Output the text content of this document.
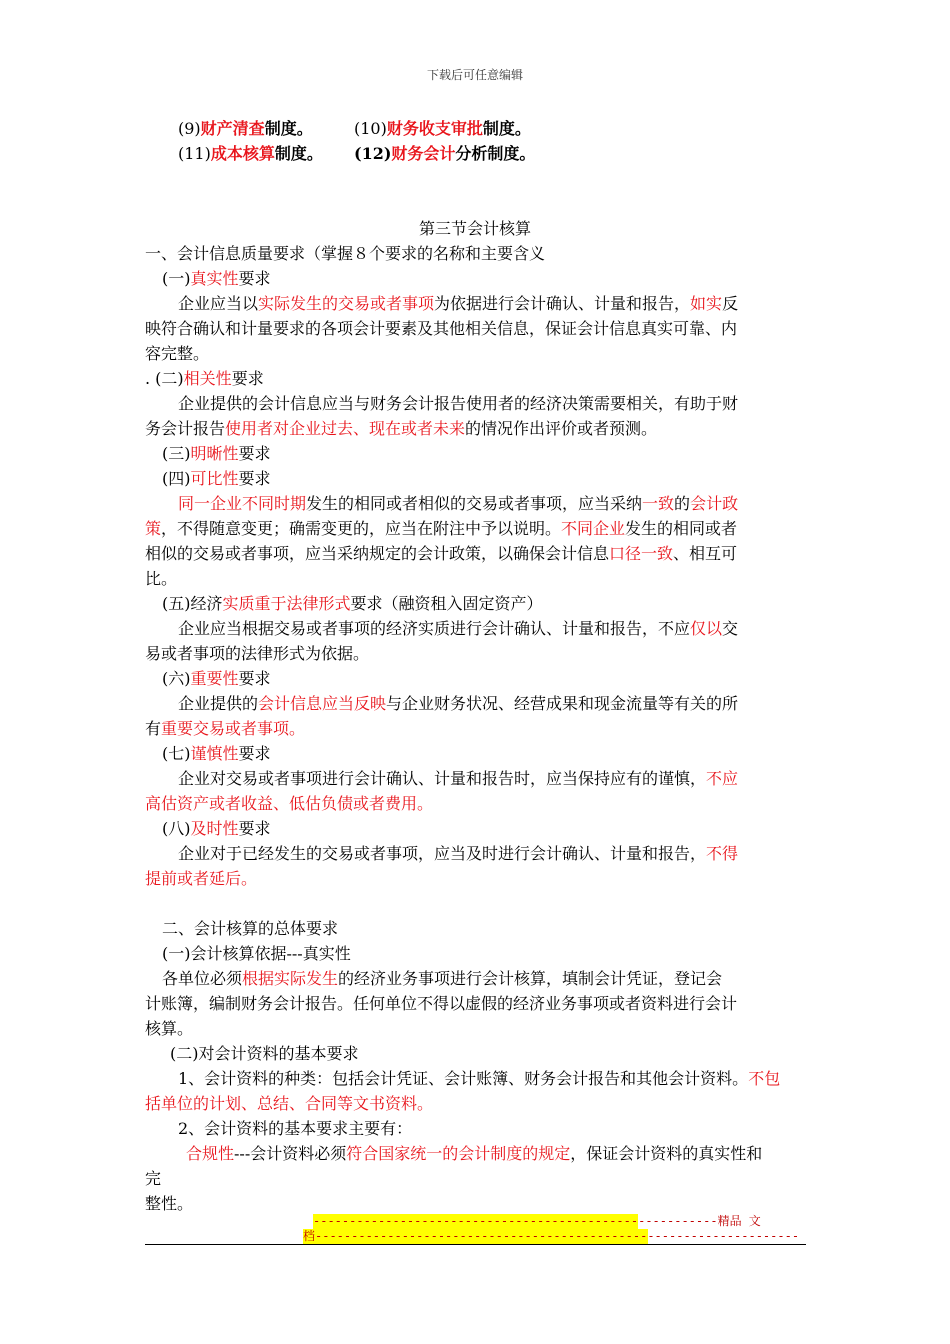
下载后可任意编辑
(9)财产清查制度。	(10)财务收支审批制度。
(11)成本核算制度。 (12)财务会计分析制度。
第三节会计核算
一、会计信息质量要求（掌握８个要求的名称和主要含义
(一)真实性要求
企业应当以实际发生的交易或者事项为依据进行会计确认、计量和报告，如实反
映符合确认和计量要求的各项会计要素及其他相关信息，保证会计信息真实可靠、内
容完整。
. (二)相关性要求
企业提供的会计信息应当与财务会计报告使用者的经济决策需要相关，有助于财
务会计报告使用者对企业过去、现在或者未来的情况作出评价或者预测。
(三)明晰性要求
(四)可比性要求
同一企业不同时期发生的相同或者相似的交易或者事项，应当采纳一致的会计政
策，不得随意变更；确需变更的，应当在附注中予以说明。不同企业发生的相同或者
相似的交易或者事项，应当采纳规定的会计政策，以确保会计信息口径一致、相互可
比。
(五)经济实质重于法律形式要求（融资租入固定资产）
企业应当根据交易或者事项的经济实质进行会计确认、计量和报告，不应仅以交
易或者事项的法律形式为依据。
(六)重要性要求
企业提供的会计信息应当反映与企业财务状况、经营成果和现金流量等有关的所
有重要交易或者事项。
(七)谨慎性要求
企业对交易或者事项进行会计确认、计量和报告时，应当保持应有的谨慎，不应
高估资产或者收益、低估负债或者费用。
(八)及时性要求
企业对于已经发生的交易或者事项，应当及时进行会计确认、计量和报告，不得
提前或者延后。
二、会计核算的总体要求
(一)会计核算依据---真实性
各单位必须根据实际发生的经济业务事项进行会计核算，填制会计凭证，登记会
计账簿，编制财务会计报告。任何单位不得以虚假的经济业务事项或者资料进行会计
核算。
(二)对会计资料的基本要求
1、会计资料的种类：包括会计凭证、会计账簿、财务会计报告和其他会计资料。不包
括单位的计划、总结、合同等文书资料。
2、会计资料的基本要求主要有：
合规性---会计资料必须符合国家统一的会计制度的规定，保证会计资料的真实性和
完
整性。
--------------------------------------------------------精品 文
档-------------------------------------------------------------------
